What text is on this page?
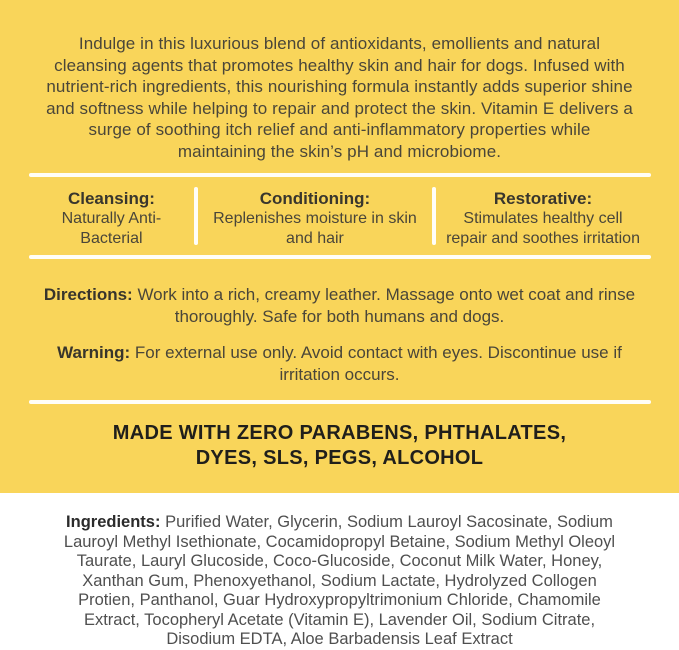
Indulge in this luxurious blend of antioxidants, emollients and natural cleansing agents that promotes healthy skin and hair for dogs. Infused with nutrient-rich ingredients, this nourishing formula instantly adds superior shine and softness while helping to repair and protect the skin. Vitamin E delivers a surge of soothing itch relief and anti-inflammatory properties while maintaining the skin’s pH and microbiome.

Cleansing:
Naturally Anti-Bacterial
Conditioning:
Replenishes moisture in skin and hair
Restorative:
Stimulates healthy cell repair and soothes irritation

Directions: Work into a rich, creamy leather. Massage onto wet coat and rinse thoroughly. Safe for both humans and dogs.

Warning: For external use only. Avoid contact with eyes. Discontinue use if irritation occurs.

MADE WITH ZERO PARABENS, PHTHALATES,
DYES, SLS, PEGS, ALCOHOL

Ingredients: Purified Water, Glycerin, Sodium Lauroyl Sacosinate, Sodium Lauroyl Methyl Isethionate, Cocamidopropyl Betaine, Sodium Methyl Oleoyl Taurate, Lauryl Glucoside, Coco-Glucoside, Coconut Milk Water, Honey, Xanthan Gum, Phenoxyethanol, Sodium Lactate, Hydrolyzed Collogen Protien, Panthanol, Guar Hydroxypropyltrimonium Chloride, Chamomile Extract, Tocopheryl Acetate (Vitamin E), Lavender Oil, Sodium Citrate, Disodium EDTA, Aloe Barbadensis Leaf Extract
